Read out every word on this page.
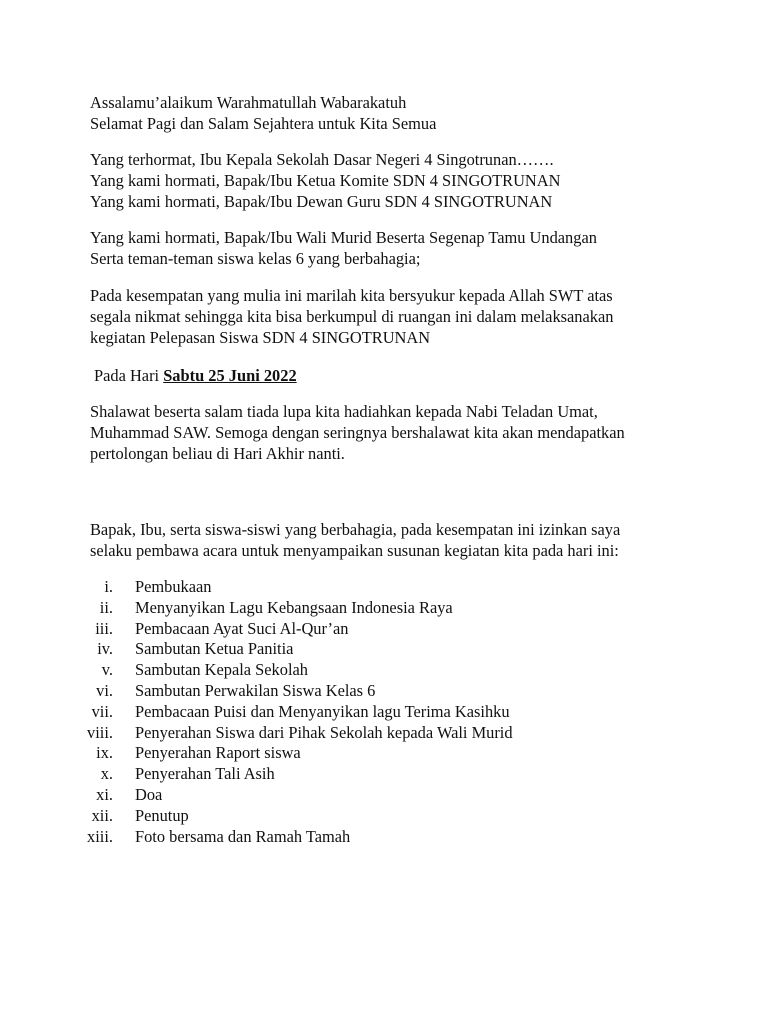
Assalamu’alaikum Warahmatullah Wabarakatuh
Selamat Pagi dan Salam Sejahtera untuk Kita Semua
Yang terhormat, Ibu Kepala Sekolah Dasar Negeri 4 Singotrunan…….
Yang kami hormati, Bapak/Ibu Ketua Komite SDN 4 SINGOTRUNAN
Yang kami hormati, Bapak/Ibu Dewan Guru SDN 4 SINGOTRUNAN
Yang kami hormati, Bapak/Ibu Wali Murid Beserta Segenap Tamu Undangan
Serta teman-teman siswa kelas 6 yang berbahagia;
Pada kesempatan yang mulia ini marilah kita bersyukur kepada Allah SWT atas
segala nikmat sehingga kita bisa berkumpul di ruangan ini dalam melaksanakan
kegiatan Pelepasan Siswa SDN 4 SINGOTRUNAN
Pada Hari Sabtu 25 Juni 2022
Shalawat beserta salam tiada lupa kita hadiahkan kepada Nabi Teladan Umat,
Muhammad SAW. Semoga dengan seringnya bershalawat kita akan mendapatkan
pertolongan beliau di Hari Akhir nanti.
Bapak, Ibu, serta siswa-siswi yang berbahagia, pada kesempatan ini izinkan saya
selaku pembawa acara untuk menyampaikan susunan kegiatan kita pada hari ini:
i.	Pembukaan
ii.	Menyanyikan Lagu Kebangsaan Indonesia Raya
iii.	Pembacaan Ayat Suci Al-Qur’an
iv.	Sambutan Ketua Panitia
v.	Sambutan Kepala Sekolah
vi.	Sambutan Perwakilan Siswa Kelas 6
vii.	Pembacaan Puisi dan Menyanyikan lagu Terima Kasihku
viii.	Penyerahan Siswa dari Pihak Sekolah kepada Wali Murid
ix.	Penyerahan Raport siswa
x.	Penyerahan Tali Asih
xi.	Doa
xii.	Penutup
xiii.	Foto bersama dan Ramah Tamah
